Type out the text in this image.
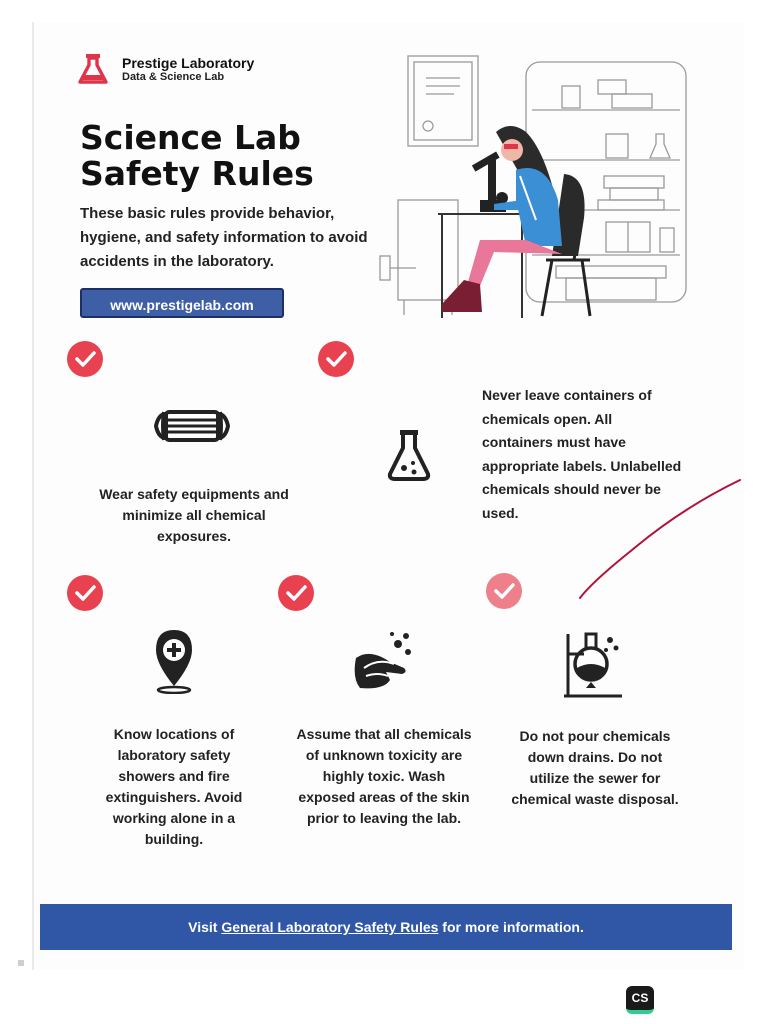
Prestige Laboratory
Data & Science Lab
Science Lab
Safety Rules
These basic rules provide behavior, hygiene, and safety information to avoid accidents in the laboratory.
www.prestigelab.com
Wear safety equipments and minimize all chemical exposures.
Never leave containers of chemicals open. All containers must have appropriate labels. Unlabelled chemicals should never be used.
Know locations of laboratory safety showers and fire extinguishers. Avoid working alone in a building.
Assume that all chemicals of unknown toxicity are highly toxic. Wash exposed areas of the skin prior to leaving the lab.
Do not pour chemicals down drains. Do not utilize the sewer for chemical waste disposal.
Visit General Laboratory Safety Rules for more information.
CS
